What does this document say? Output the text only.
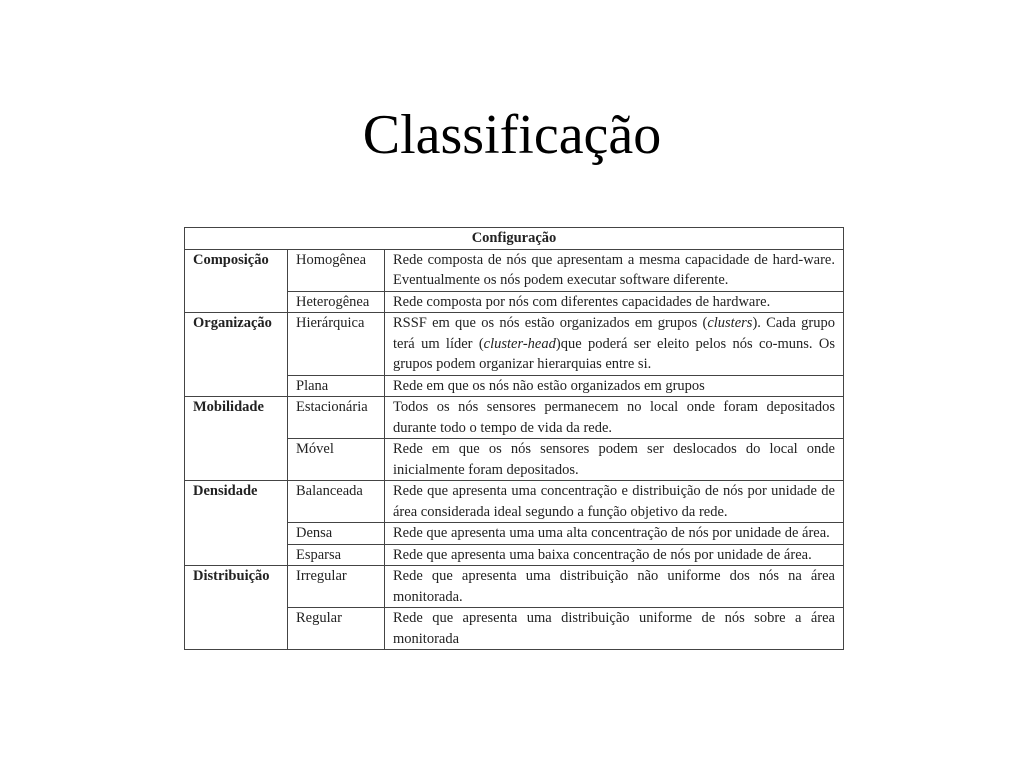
Classificação
Configuração		
Composição	Homogênea	Rede composta de nós que apresentam a mesma capacidade de hard-ware. Eventualmente os nós podem executar software diferente.
	Heterogênea	Rede composta por nós com diferentes capacidades de hardware.
Organização	Hierárquica	RSSF em que os nós estão organizados em grupos (clusters). Cada grupo terá um líder (cluster-head)que poderá ser eleito pelos nós co-muns. Os grupos podem organizar hierarquias entre si.
	Plana	Rede em que os nós não estão organizados em grupos
Mobilidade	Estacionária	Todos os nós sensores permanecem no local onde foram depositados durante todo o tempo de vida da rede.
	Móvel	Rede em que os nós sensores podem ser deslocados do local onde inicialmente foram depositados.
Densidade	Balanceada	Rede que apresenta uma concentração e distribuição de nós por unidade de área considerada ideal segundo a função objetivo da rede.
	Densa	Rede que apresenta uma uma alta concentração de nós por unidade de área.
	Esparsa	Rede que apresenta uma baixa concentração de nós por unidade de área.
Distribuição	Irregular	Rede que apresenta uma distribuição não uniforme dos nós na área monitorada.
	Regular	Rede que apresenta uma distribuição uniforme de nós sobre a área monitorada
